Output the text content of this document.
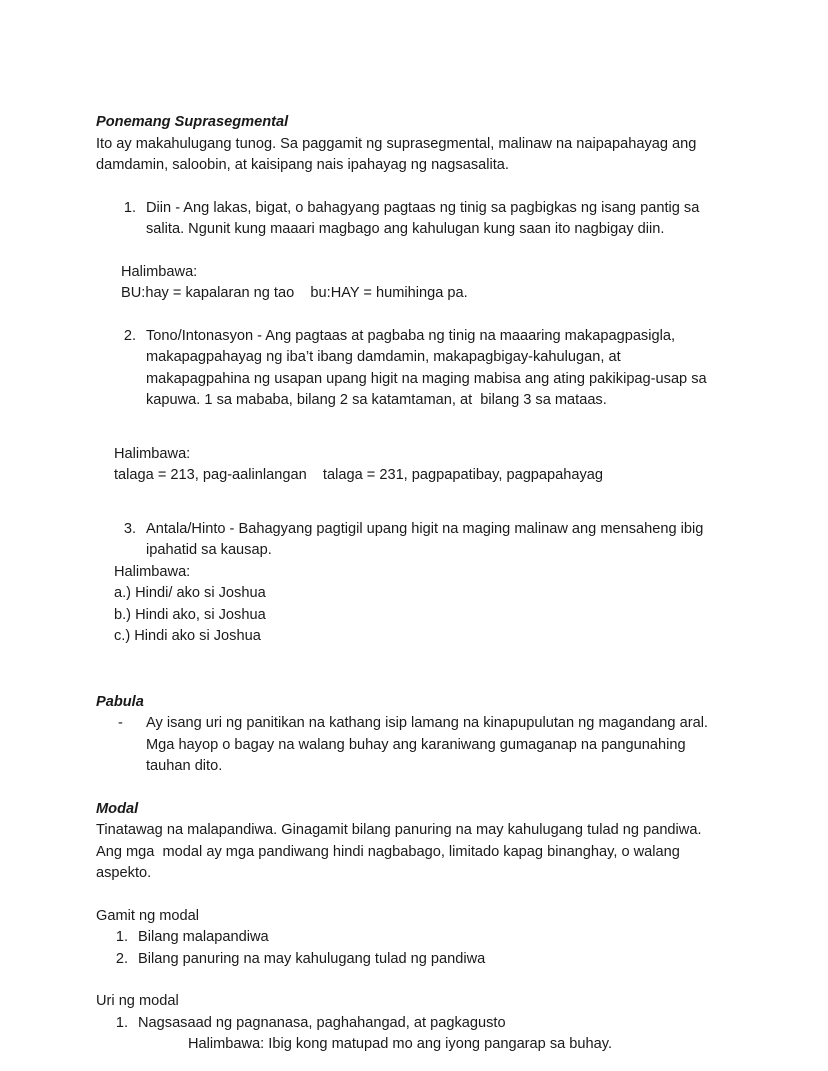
Ponemang Suprasegmental

Ito ay makahulugang tunog. Sa paggamit ng suprasegmental, malinaw na naipapahayag ang damdamin, saloobin, at kaisipang nais ipahayag ng nagsasalita.

1. Diin - Ang lakas, bigat, o bahagyang pagtaas ng tinig sa pagbigkas ng isang pantig sa salita. Ngunit kung maaari magbago ang kahulugan kung saan ito nagbigay diin.

Halimbawa:

BU:hay = kapalaran ng tao    bu:HAY = humihinga pa.

2. Tono/Intonasyon - Ang pagtaas at pagbaba ng tinig na maaaring makapagpasigla, makapagpahayag ng iba’t ibang damdamin, makapagbigay-kahulugan, at makapagpahina ng usapan upang higit na maging mabisa ang ating pakikipag-usap sa kapuwa. 1 sa mababa, bilang 2 sa katamtaman, at  bilang 3 sa mataas.

Halimbawa:

talaga = 213, pag-aalinlangan    talaga = 231, pagpapatibay, pagpapahayag

3. Antala/Hinto - Bahagyang pagtigil upang higit na maging malinaw ang mensaheng ibig ipahatid sa kausap.

Halimbawa:

a.) Hindi/ ako si Joshua

b.) Hindi ako, si Joshua

c.) Hindi ako si Joshua

Pabula
-	Ay isang uri ng panitikan na kathang isip lamang na kinapupulutan ng magandang aral. Mga hayop o bagay na walang buhay ang karaniwang gumaganap na pangunahing tauhan dito.
Modal

Tinatawag na malapandiwa. Ginagamit bilang panuring na may kahulugang tulad ng pandiwa. Ang mga  modal ay mga pandiwang hindi nagbabago, limitado kapag binanghay, o walang aspekto.

Gamit ng modal

1. Bilang malapandiwa
2. Bilang panuring na may kahulugang tulad ng pandiwa

Uri ng modal

1. Nagsasaad ng pagnanasa, paghahangad, at pagkagusto

Halimbawa: Ibig kong matupad mo ang iyong pangarap sa buhay.
